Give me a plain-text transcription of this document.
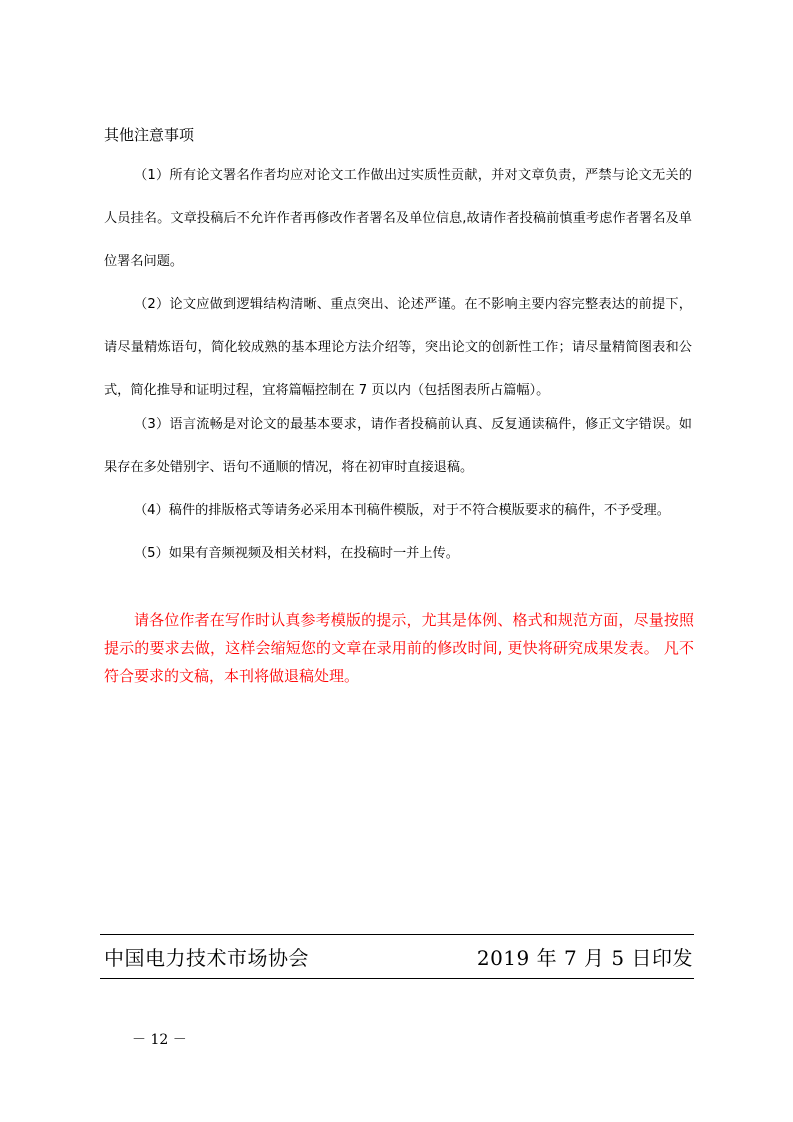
其他注意事项

（1）所有论文署名作者均应对论文工作做出过实质性贡献，并对文章负责，严禁与论文无关的人员挂名。文章投稿后不允许作者再修改作者署名及单位信息,故请作者投稿前慎重考虑作者署名及单位署名问题。

（2）论文应做到逻辑结构清晰、重点突出、论述严谨。在不影响主要内容完整表达的前提下，请尽量精炼语句，简化较成熟的基本理论方法介绍等，突出论文的创新性工作；请尽量精简图表和公式，简化推导和证明过程，宜将篇幅控制在 7 页以内（包括图表所占篇幅）。

（3）语言流畅是对论文的最基本要求，请作者投稿前认真、反复通读稿件，修正文字错误。如果存在多处错别字、语句不通顺的情况，将在初审时直接退稿。

（4）稿件的排版格式等请务必采用本刊稿件模版，对于不符合模版要求的稿件，不予受理。

（5）如果有音频视频及相关材料，在投稿时一并上传。

请各位作者在写作时认真参考模版的提示，尤其是体例、格式和规范方面，尽量按照提示的要求去做，这样会缩短您的文章在录用前的修改时间, 更快将研究成果发表。 凡不符合要求的文稿，本刊将做退稿处理。
中国电力技术市场协会	2019 年 7 月 5 日印发
－ 12 －
